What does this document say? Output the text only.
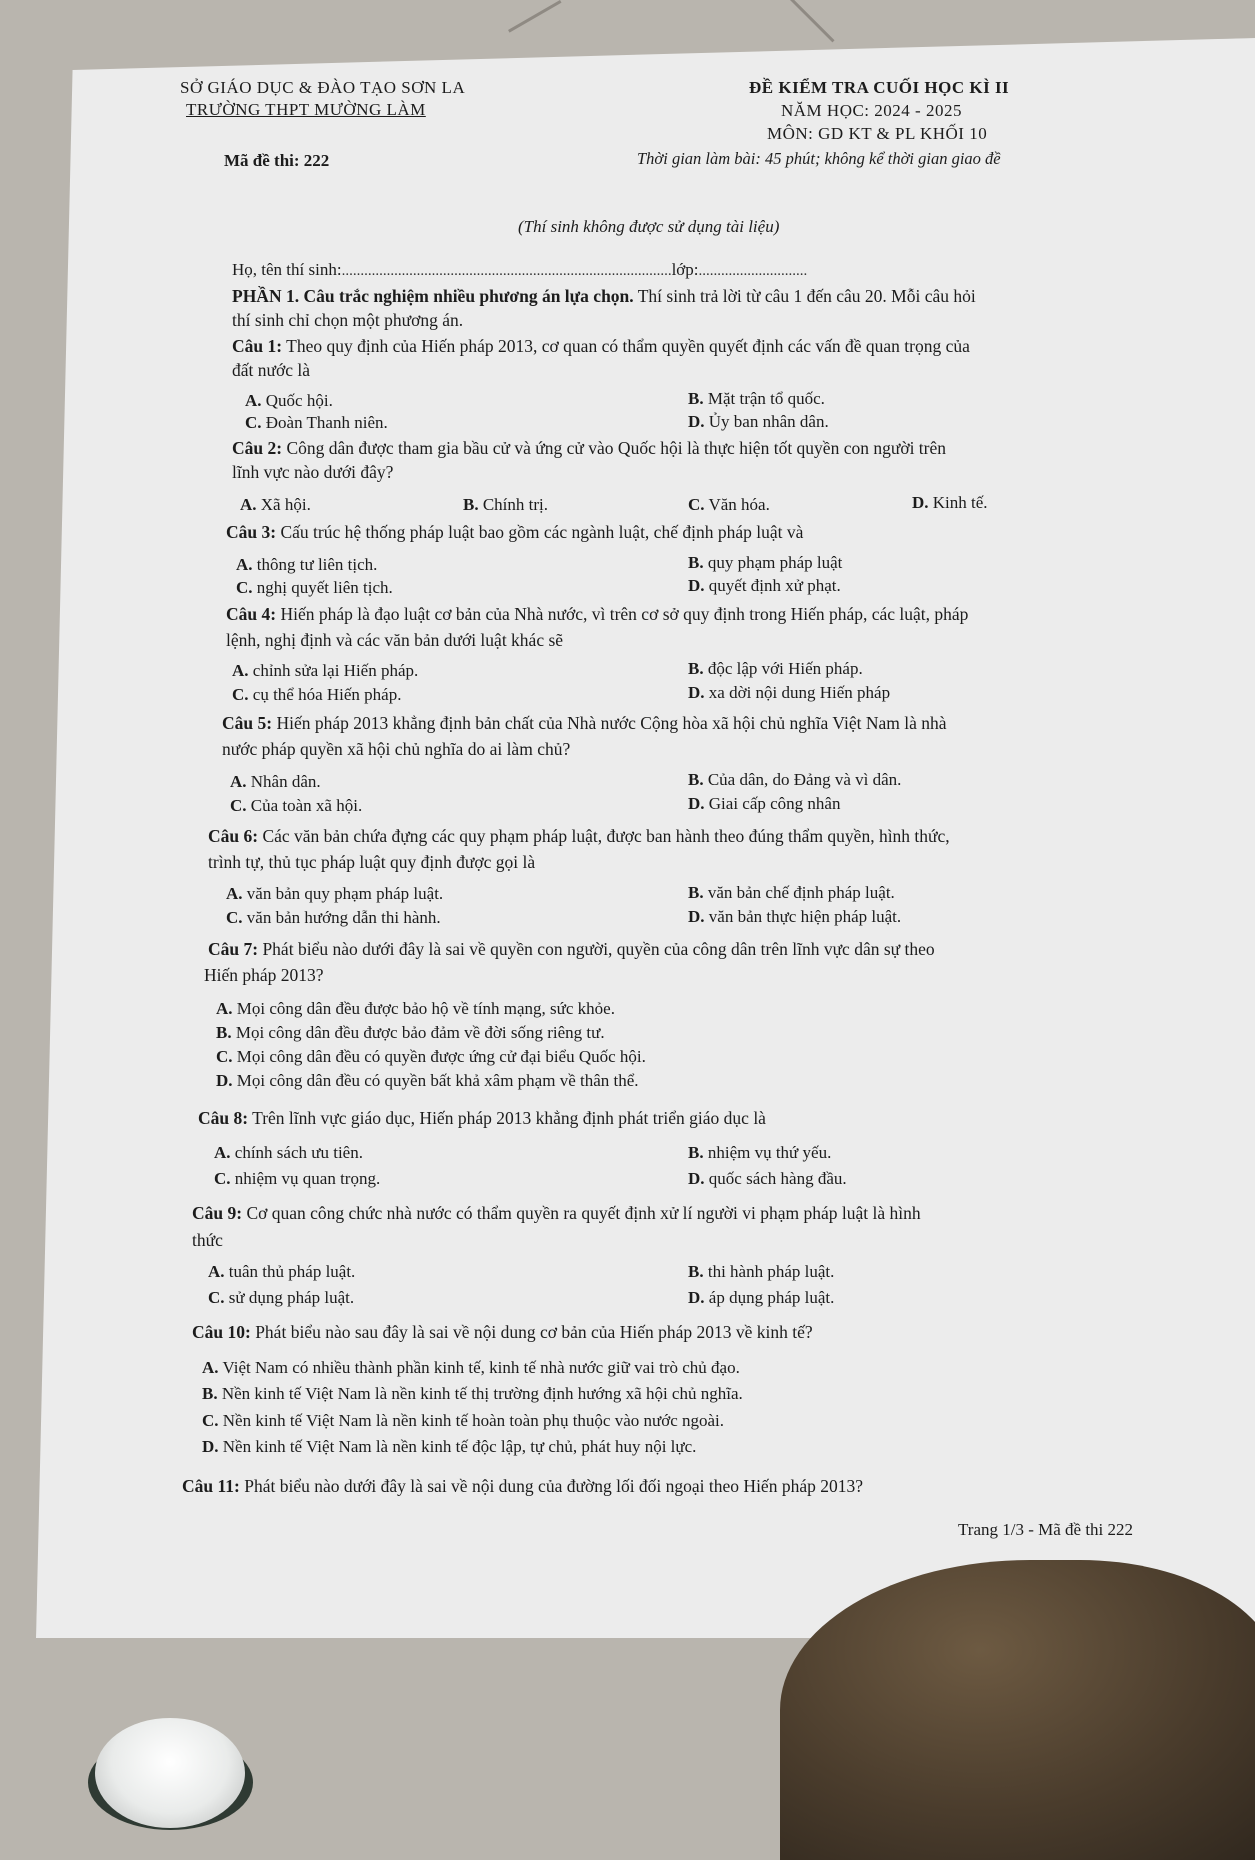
SỞ GIÁO DỤC & ĐÀO TẠO SƠN LA
TRƯỜNG THPT MƯỜNG LÀM
Mã đề thi: 222
ĐỀ KIỂM TRA CUỐI HỌC KÌ II
NĂM HỌC: 2024 - 2025
MÔN: GD KT & PL KHỐI 10
Thời gian làm bài: 45 phút; không kể thời gian giao đề
(Thí sinh không được sử dụng tài liệu)
Họ, tên thí sinh:........................................................................................lớp:.............................
PHẦN 1. Câu trắc nghiệm nhiều phương án lựa chọn. Thí sinh trả lời từ câu 1 đến câu 20. Mỗi câu hỏi
thí sinh chỉ chọn một phương án.
Câu 1: Theo quy định của Hiến pháp 2013, cơ quan có thẩm quyền quyết định các vấn đề quan trọng của
đất nước là
A. Quốc hội.	B. Mặt trận tổ quốc.
C. Đoàn Thanh niên.	D. Ủy ban nhân dân.
Câu 2: Công dân được tham gia bầu cử và ứng cử vào Quốc hội là thực hiện tốt quyền con người trên
lĩnh vực nào dưới đây?
A. Xã hội.	B. Chính trị.	C. Văn hóa.	D. Kinh tế.
Câu 3: Cấu trúc hệ thống pháp luật bao gồm các ngành luật, chế định pháp luật và
A. thông tư liên tịch.	B. quy phạm pháp luật
C. nghị quyết liên tịch.	D. quyết định xử phạt.
Câu 4: Hiến pháp là đạo luật cơ bản của Nhà nước, vì trên cơ sở quy định trong Hiến pháp, các luật, pháp
lệnh, nghị định và các văn bản dưới luật khác sẽ
A. chỉnh sửa lại Hiến pháp.	B. độc lập với Hiến pháp.
C. cụ thể hóa Hiến pháp.	D. xa dời nội dung Hiến pháp
Câu 5: Hiến pháp 2013 khẳng định bản chất của Nhà nước Cộng hòa xã hội chủ nghĩa Việt Nam là nhà
nước pháp quyền xã hội chủ nghĩa do ai làm chủ?
A. Nhân dân.	B. Của dân, do Đảng và vì dân.
C. Của toàn xã hội.	D. Giai cấp công nhân
Câu 6: Các văn bản chứa đựng các quy phạm pháp luật, được ban hành theo đúng thẩm quyền, hình thức,
trình tự, thủ tục pháp luật quy định được gọi là
A. văn bản quy phạm pháp luật.	B. văn bản chế định pháp luật.
C. văn bản hướng dẫn thi hành.	D. văn bản thực hiện pháp luật.
Câu 7: Phát biểu nào dưới đây là sai về quyền con người, quyền của công dân trên lĩnh vực dân sự theo
Hiến pháp 2013?
A. Mọi công dân đều được bảo hộ về tính mạng, sức khỏe.
B. Mọi công dân đều được bảo đảm về đời sống riêng tư.
C. Mọi công dân đều có quyền được ứng cử đại biểu Quốc hội.
D. Mọi công dân đều có quyền bất khả xâm phạm về thân thể.
Câu 8: Trên lĩnh vực giáo dục, Hiến pháp 2013 khẳng định phát triển giáo dục là
A. chính sách ưu tiên.	B. nhiệm vụ thứ yếu.
C. nhiệm vụ quan trọng.	D. quốc sách hàng đầu.
Câu 9: Cơ quan công chức nhà nước có thẩm quyền ra quyết định xử lí người vi phạm pháp luật là hình
thức
A. tuân thủ pháp luật.	B. thi hành pháp luật.
C. sử dụng pháp luật.	D. áp dụng pháp luật.
Câu 10: Phát biểu nào sau đây là sai về nội dung cơ bản của Hiến pháp 2013 về kinh tế?
A. Việt Nam có nhiều thành phần kinh tế, kinh tế nhà nước giữ vai trò chủ đạo.
B. Nền kinh tế Việt Nam là nền kinh tế thị trường định hướng xã hội chủ nghĩa.
C. Nền kinh tế Việt Nam là nền kinh tế hoàn toàn phụ thuộc vào nước ngoài.
D. Nền kinh tế Việt Nam là nền kinh tế độc lập, tự chủ, phát huy nội lực.
Câu 11: Phát biểu nào dưới đây là sai về nội dung của đường lối đối ngoại theo Hiến pháp 2013?
Trang 1/3 - Mã đề thi 222
